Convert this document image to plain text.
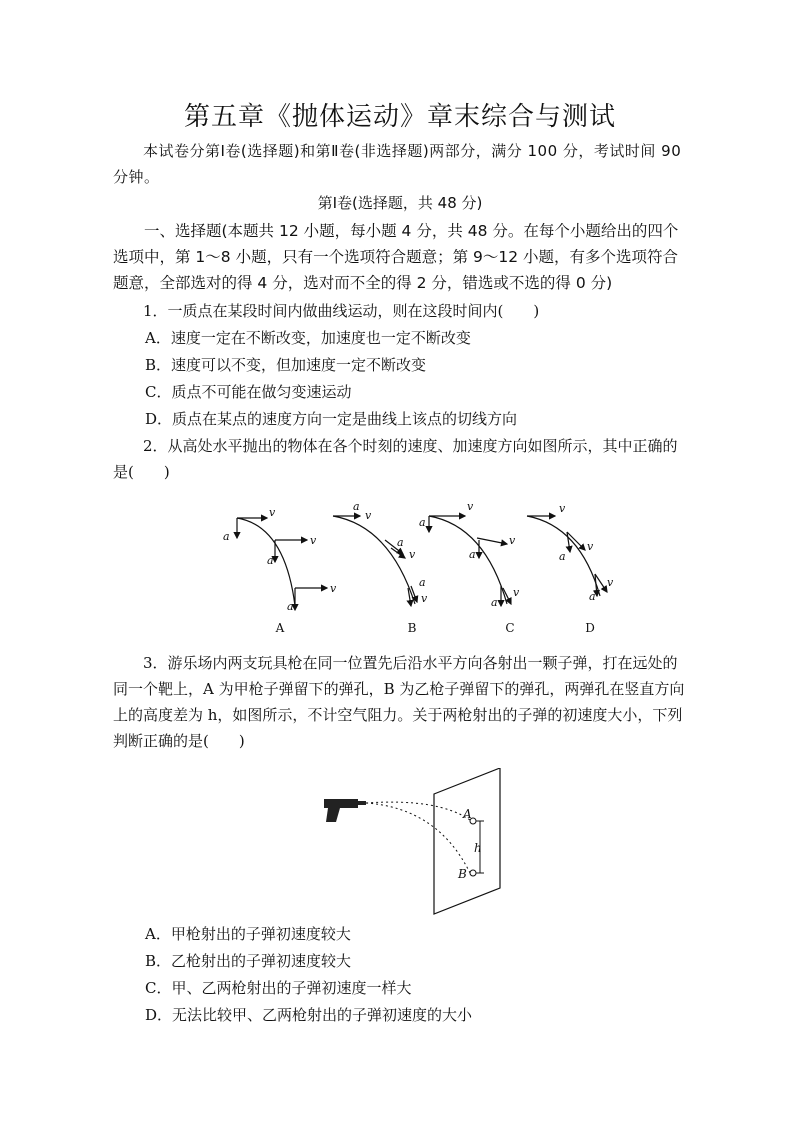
第五章《抛体运动》章末综合与测试
本试卷分第Ⅰ卷(选择题)和第Ⅱ卷(非选择题)两部分，满分 100 分，考试时间 90 分钟。
第Ⅰ卷(选择题，共 48 分)
一、选择题(本题共 12 小题，每小题 4 分，共 48 分。在每个小题给出的四个选项中，第 1～8 小题，只有一个选项符合题意；第 9～12 小题，有多个选项符合题意，全部选对的得 4 分，选对而不全的得 2 分，错选或不选的得 0 分)
1．一质点在某段时间内做曲线运动，则在这段时间内(　　)
A．速度一定在不断改变，加速度也一定不断改变
B．速度可以不变，但加速度一定不断改变
C．质点不可能在做匀变速运动
D．质点在某点的速度方向一定是曲线上该点的切线方向
2．从高处水平抛出的物体在各个时刻的速度、加速度方向如图所示，其中正确的是(　　)
v
a	v
a
v
a
a
v
a
v
a
v
v
a
v
a
v
a
v
v
a
v
a
A	B	C	D
3．游乐场内两支玩具枪在同一位置先后沿水平方向各射出一颗子弹，打在远处的同一个靶上，A 为甲枪子弹留下的弹孔，B 为乙枪子弹留下的弹孔，两弹孔在竖直方向上的高度差为 h，如图所示，不计空气阻力。关于两枪射出的子弹的初速度大小，下列判断正确的是(　　)
A
B
h
A．甲枪射出的子弹初速度较大
B．乙枪射出的子弹初速度较大
C．甲、乙两枪射出的子弹初速度一样大
D．无法比较甲、乙两枪射出的子弹初速度的大小
